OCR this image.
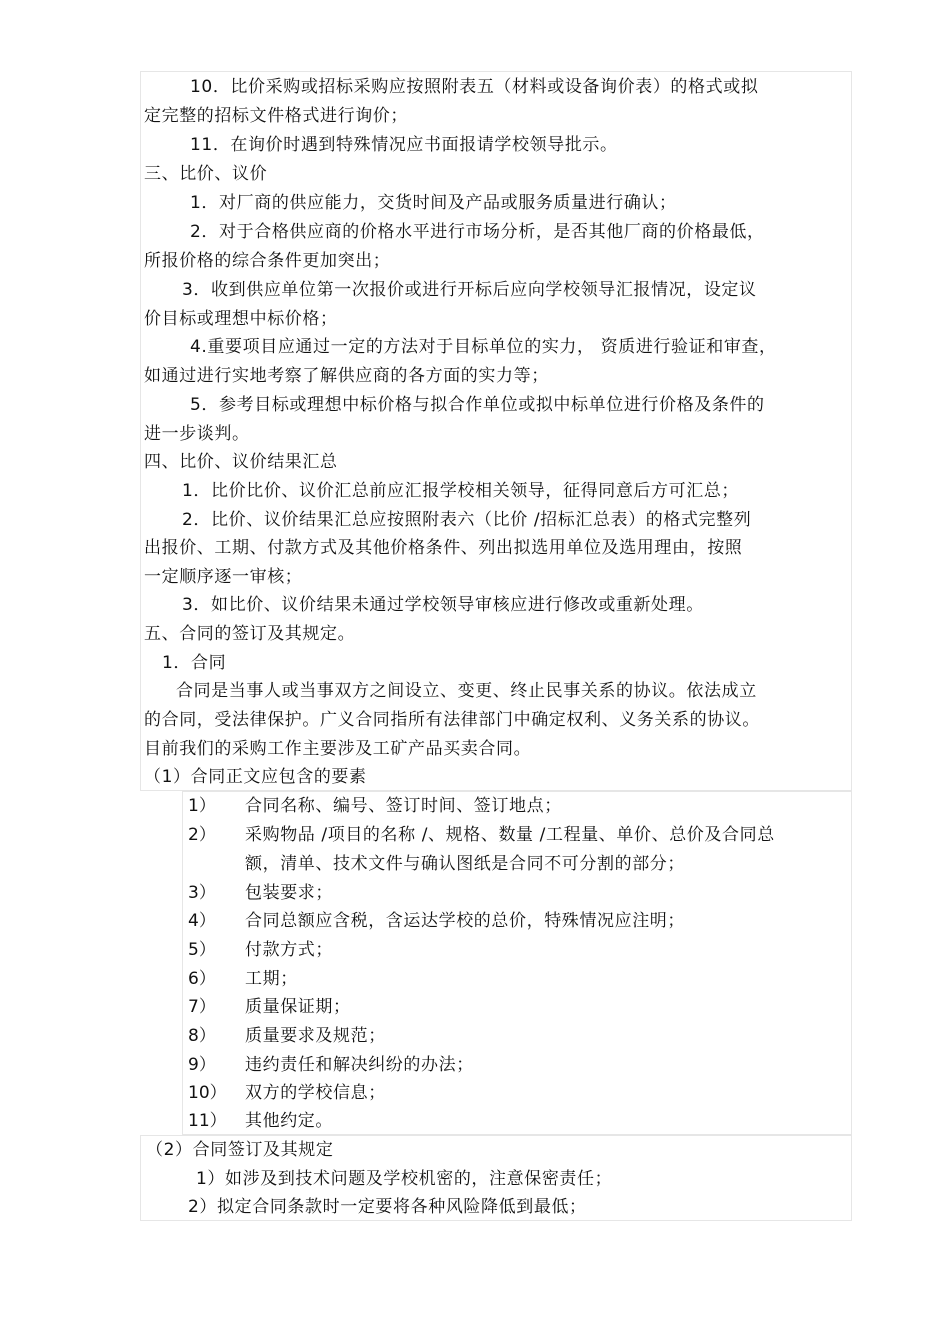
10．比价采购或招标采购应按照附表五（材料或设备询价表）的格式或拟
定完整的招标文件格式进行询价；
11．在询价时遇到特殊情况应书面报请学校领导批示。
三、比价、议价
1．对厂商的供应能力，交货时间及产品或服务质量进行确认；
2．对于合格供应商的价格水平进行市场分析，是否其他厂商的价格最低，
所报价格的综合条件更加突出；
3．收到供应单位第一次报价或进行开标后应向学校领导汇报情况，设定议
价目标或理想中标价格；
4.重要项目应通过一定的方法对于目标单位的实力， 资质进行验证和审查，
如通过进行实地考察了解供应商的各方面的实力等；
5．参考目标或理想中标价格与拟合作单位或拟中标单位进行价格及条件的
进一步谈判。
四、比价、议价结果汇总
1．比价比价、议价汇总前应汇报学校相关领导，征得同意后方可汇总；
2．比价、议价结果汇总应按照附表六（比价 /招标汇总表）的格式完整列
出报价、工期、付款方式及其他价格条件、列出拟选用单位及选用理由，按照
一定顺序逐一审核；
3．如比价、议价结果未通过学校领导审核应进行修改或重新处理。
五、合同的签订及其规定。
1．合同
合同是当事人或当事双方之间设立、变更、终止民事关系的协议。依法成立
的合同，受法律保护。广义合同指所有法律部门中确定权利、义务关系的协议。
目前我们的采购工作主要涉及工矿产品买卖合同。
（1）合同正文应包含的要素
1） 合同名称、编号、签订时间、签订地点；
2） 采购物品 /项目的名称 /、规格、数量 /工程量、单价、总价及合同总
额，清单、技术文件与确认图纸是合同不可分割的部分；
3） 包装要求；
4） 合同总额应含税，含运达学校的总价，特殊情况应注明；
5） 付款方式；
6） 工期；
7） 质量保证期；
8） 质量要求及规范；
9） 违约责任和解决纠纷的办法；
10） 双方的学校信息；
11） 其他约定。
（2）合同签订及其规定
1）如涉及到技术问题及学校机密的，注意保密责任；
2）拟定合同条款时一定要将各种风险降低到最低；
